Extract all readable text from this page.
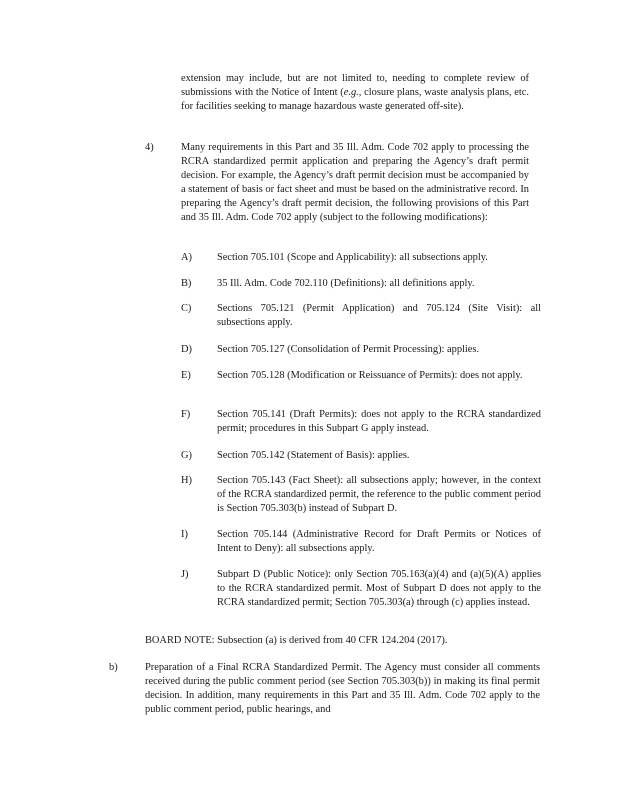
extension may include, but are not limited to, needing to complete review of submissions with the Notice of Intent (e.g., closure plans, waste analysis plans, etc. for facilities seeking to manage hazardous waste generated off-site).

4)	Many requirements in this Part and 35 Ill. Adm. Code 702 apply to processing the RCRA standardized permit application and preparing the Agency’s draft permit decision. For example, the Agency’s draft permit decision must be accompanied by a statement of basis or fact sheet and must be based on the administrative record. In preparing the Agency’s draft permit decision, the following provisions of this Part and 35 Ill. Adm. Code 702 apply (subject to the following modifications):
A) Section 705.101 (Scope and Applicability): all subsections apply.
B) 35 Ill. Adm. Code 702.110 (Definitions): all definitions apply.
C) Sections 705.121 (Permit Application) and 705.124 (Site Visit): all subsections apply.
D) Section 705.127 (Consolidation of Permit Processing): applies.
E)	Section 705.128 (Modification or Reissuance of Permits): does not apply.
F)	Section 705.141 (Draft Permits): does not apply to the RCRA standardized permit; procedures in this Subpart G apply instead.
G) Section 705.142 (Statement of Basis): applies.
H) Section 705.143 (Fact Sheet): all subsections apply; however, in the context of the RCRA standardized permit, the reference to the public comment period is Section 705.303(b) instead of Subpart D.
I)	Section 705.144 (Administrative Record for Draft Permits or Notices of Intent to Deny): all subsections apply.
J)	Subpart D (Public Notice): only Section 705.163(a)(4) and (a)(5)(A) applies to the RCRA standardized permit. Most of Subpart D does not apply to the RCRA standardized permit; Section 705.303(a) through (c) applies instead.
BOARD NOTE: Subsection (a) is derived from 40 CFR 124.204 (2017).
b)	Preparation of a Final RCRA Standardized Permit. The Agency must consider all comments received during the public comment period (see Section 705.303(b)) in making its final permit decision. In addition, many requirements in this Part and 35 Ill. Adm. Code 702 apply to the public comment period, public hearings, and
